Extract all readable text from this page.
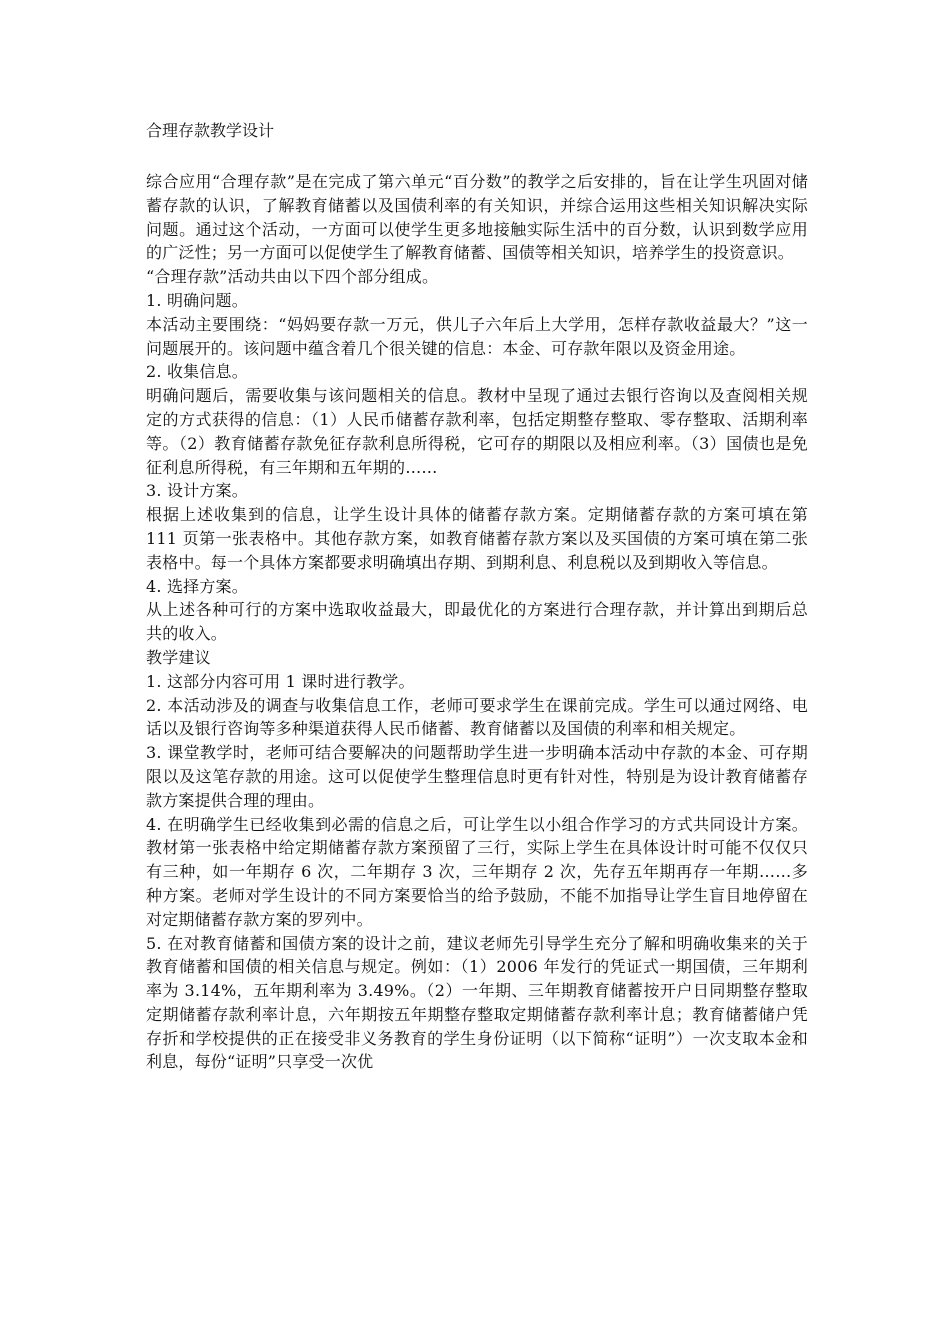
合理存款教学设计

综合应用“合理存款”是在完成了第六单元“百分数”的教学之后安排的，旨在让学生巩固对储蓄存款的认识，了解教育储蓄以及国债利率的有关知识，并综合运用这些相关知识解决实际问题。通过这个活动，一方面可以使学生更多地接触实际生活中的百分数，认识到数学应用的广泛性；另一方面可以促使学生了解教育储蓄、国债等相关知识，培养学生的投资意识。

“合理存款”活动共由以下四个部分组成。

1. 明确问题。

本活动主要围绕：“妈妈要存款一万元，供儿子六年后上大学用，怎样存款收益最大？”这一问题展开的。该问题中蕴含着几个很关键的信息：本金、可存款年限以及资金用途。

2. 收集信息。

明确问题后，需要收集与该问题相关的信息。教材中呈现了通过去银行咨询以及查阅相关规定的方式获得的信息：（1）人民币储蓄存款利率，包括定期整存整取、零存整取、活期利率等。（2）教育储蓄存款免征存款利息所得税，它可存的期限以及相应利率。（3）国债也是免征利息所得税，有三年期和五年期的……

3. 设计方案。

根据上述收集到的信息，让学生设计具体的储蓄存款方案。定期储蓄存款的方案可填在第 111 页第一张表格中。其他存款方案，如教育储蓄存款方案以及买国债的方案可填在第二张表格中。每一个具体方案都要求明确填出存期、到期利息、利息税以及到期收入等信息。

4. 选择方案。

从上述各种可行的方案中选取收益最大，即最优化的方案进行合理存款，并计算出到期后总共的收入。

教学建议

1. 这部分内容可用 1 课时进行教学。

2. 本活动涉及的调查与收集信息工作，老师可要求学生在课前完成。学生可以通过网络、电话以及银行咨询等多种渠道获得人民币储蓄、教育储蓄以及国债的利率和相关规定。

3. 课堂教学时，老师可结合要解决的问题帮助学生进一步明确本活动中存款的本金、可存期限以及这笔存款的用途。这可以促使学生整理信息时更有针对性，特别是为设计教育储蓄存款方案提供合理的理由。

4. 在明确学生已经收集到必需的信息之后，可让学生以小组合作学习的方式共同设计方案。教材第一张表格中给定期储蓄存款方案预留了三行，实际上学生在具体设计时可能不仅仅只有三种，如一年期存 6 次，二年期存 3 次，三年期存 2 次，先存五年期再存一年期……多种方案。老师对学生设计的不同方案要恰当的给予鼓励，不能不加指导让学生盲目地停留在对定期储蓄存款方案的罗列中。

5. 在对教育储蓄和国债方案的设计之前，建议老师先引导学生充分了解和明确收集来的关于教育储蓄和国债的相关信息与规定。例如：（1）2006 年发行的凭证式一期国债，三年期利率为 3.14%，五年期利率为 3.49%。（2）一年期、三年期教育储蓄按开户日同期整存整取定期储蓄存款利率计息，六年期按五年期整存整取定期储蓄存款利率计息；教育储蓄储户凭存折和学校提供的正在接受非义务教育的学生身份证明（以下简称“证明”）一次支取本金和利息，每份“证明”只享受一次优
